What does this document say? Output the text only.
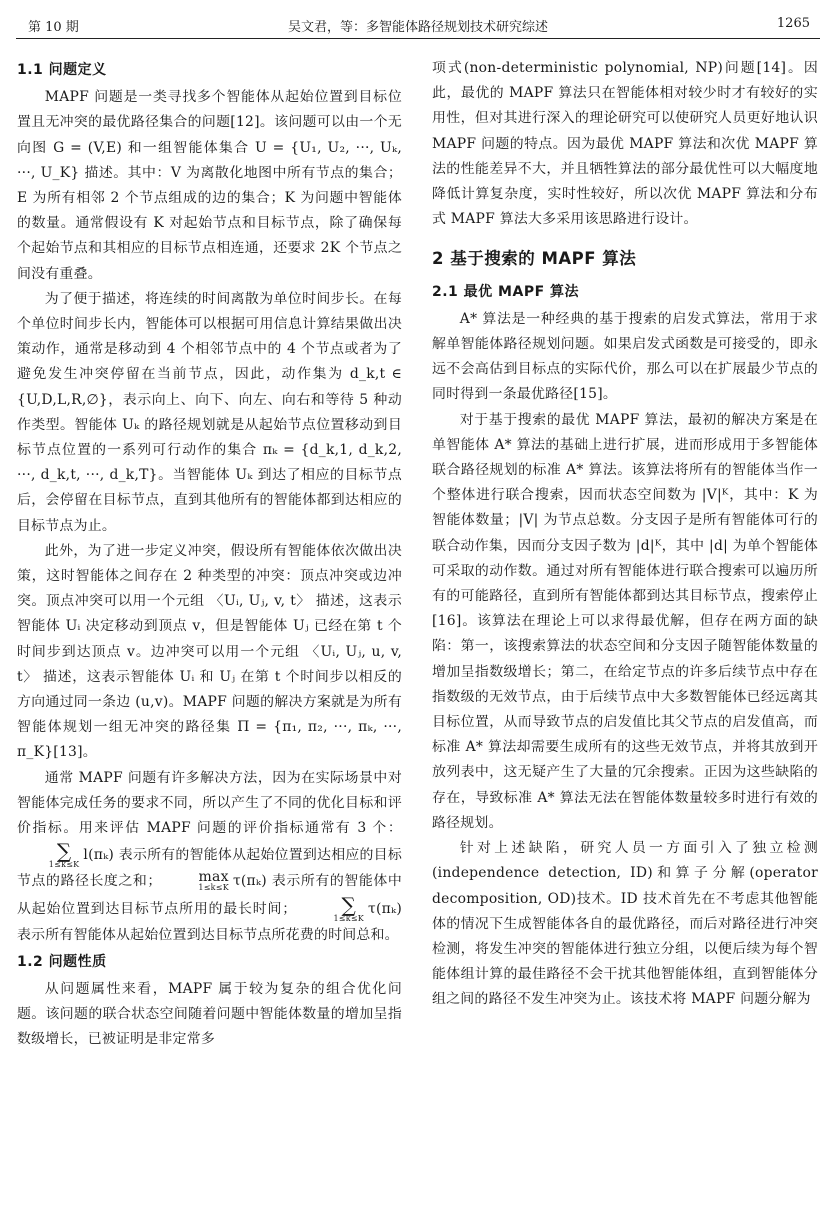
第 10 期	吴文君，等：多智能体路径规划技术研究综述	1265
1.1 问题定义

MAPF 问题是一类寻找多个智能体从起始位置到目标位置且无冲突的最优路径集合的问题[12]。该问题可以由一个无向图 G = (V,E) 和一组智能体集合 U = {U₁, U₂, ···, Uₖ, ···, U_K} 描述。其中：V 为离散化地图中所有节点的集合；E 为所有相邻 2 个节点组成的边的集合；K 为问题中智能体的数量。通常假设有 K 对起始节点和目标节点，除了确保每个起始节点和其相应的目标节点相连通，还要求 2K 个节点之间没有重叠。

为了便于描述，将连续的时间离散为单位时间步长。在每个单位时间步长内，智能体可以根据可用信息计算结果做出决策动作，通常是移动到 4 个相邻节点中的 4 个节点或者为了避免发生冲突停留在当前节点，因此，动作集为 d_k,t ∈ {U,D,L,R,∅}，表示向上、向下、向左、向右和等待 5 种动作类型。智能体 Uₖ 的路径规划就是从起始节点位置移动到目标节点位置的一系列可行动作的集合 πₖ = {d_k,1, d_k,2, ···, d_k,t, ···, d_k,T}。当智能体 Uₖ 到达了相应的目标节点后，会停留在目标节点，直到其他所有的智能体都到达相应的目标节点为止。

此外，为了进一步定义冲突，假设所有智能体依次做出决策，这时智能体之间存在 2 种类型的冲突：顶点冲突或边冲突。顶点冲突可以用一个元组 〈Uᵢ, Uⱼ, v, t〉 描述，这表示智能体 Uᵢ 决定移动到顶点 v，但是智能体 Uⱼ 已经在第 t 个时间步到达顶点 v。边冲突可以用一个元组 〈Uᵢ, Uⱼ, u, v, t〉 描述，这表示智能体 Uᵢ 和 Uⱼ 在第 t 个时间步以相反的方向通过同一条边 (u,v)。MAPF 问题的解决方案就是为所有智能体规划一组无冲突的路径集 Π = {π₁, π₂, ···, πₖ, ···, π_K}[13]。

通常 MAPF 问题有许多解决方法，因为在实际场景中对智能体完成任务的要求不同，所以产生了不同的优化目标和评价指标。用来评估 MAPF 问题的评价指标通常有 3 个：
∑
1≤k≤K
l(πₖ) 表示所有的智能体从起始位置到达相应的目标节点的路径长度之和；	max
1≤k≤K τ(πₖ) 表示所有的智能体中从起始位置到达目标节点所用的最长时间；	∑
1≤k≤K
τ(πₖ) 表示所有智能体从起始位置到达目标节点所花费的时间总和。

1.2 问题性质

从问题属性来看，MAPF 属于较为复杂的组合优化问题。该问题的联合状态空间随着问题中智能体数量的增加呈指数级增长，已被证明是非定常多

项式(non-deterministic polynomial, NP)问题[14]。因此，最优的 MAPF 算法只在智能体相对较少时才有较好的实用性，但对其进行深入的理论研究可以使研究人员更好地认识 MAPF 问题的特点。因为最优 MAPF 算法和次优 MAPF 算法的性能差异不大，并且牺牲算法的部分最优性可以大幅度地降低计算复杂度，实时性较好，所以次优 MAPF 算法和分布式 MAPF 算法大多采用该思路进行设计。

2 基于搜索的 MAPF 算法
2.1 最优 MAPF 算法

A* 算法是一种经典的基于搜索的启发式算法，常用于求解单智能体路径规划问题。如果启发式函数是可接受的，即永远不会高估到目标点的实际代价，那么可以在扩展最少节点的同时得到一条最优路径[15]。

对于基于搜索的最优 MAPF 算法，最初的解决方案是在单智能体 A* 算法的基础上进行扩展，进而形成用于多智能体联合路径规划的标准 A* 算法。该算法将所有的智能体当作一个整体进行联合搜索，因而状态空间数为 |V|ᴷ，其中：K 为智能体数量；|V| 为节点总数。分支因子是所有智能体可行的联合动作集，因而分支因子数为 |d|ᴷ，其中 |d| 为单个智能体可采取的动作数。通过对所有智能体进行联合搜索可以遍历所有的可能路径，直到所有智能体都到达其目标节点，搜索停止[16]。该算法在理论上可以求得最优解，但存在两方面的缺陷：第一，该搜索算法的状态空间和分支因子随智能体数量的增加呈指数级增长；第二，在给定节点的许多后续节点中存在指数级的无效节点，由于后续节点中大多数智能体已经远离其目标位置，从而导致节点的启发值比其父节点的启发值高，而标准 A* 算法却需要生成所有的这些无效节点，并将其放到开放列表中，这无疑产生了大量的冗余搜索。正因为这些缺陷的存在，导致标准 A* 算法无法在智能体数量较多时进行有效的路径规划。

针对上述缺陷，研究人员一方面引入了独立检测(independence detection, ID)和算子分解(operator decomposition, OD)技术。ID 技术首先在不考虑其他智能体的情况下生成智能体各自的最优路径，而后对路径进行冲突检测，将发生冲突的智能体进行独立分组，以便后续为每个智能体组计算的最佳路径不会干扰其他智能体组，直到智能体分组之间的路径不发生冲突为止。该技术将 MAPF 问题分解为
